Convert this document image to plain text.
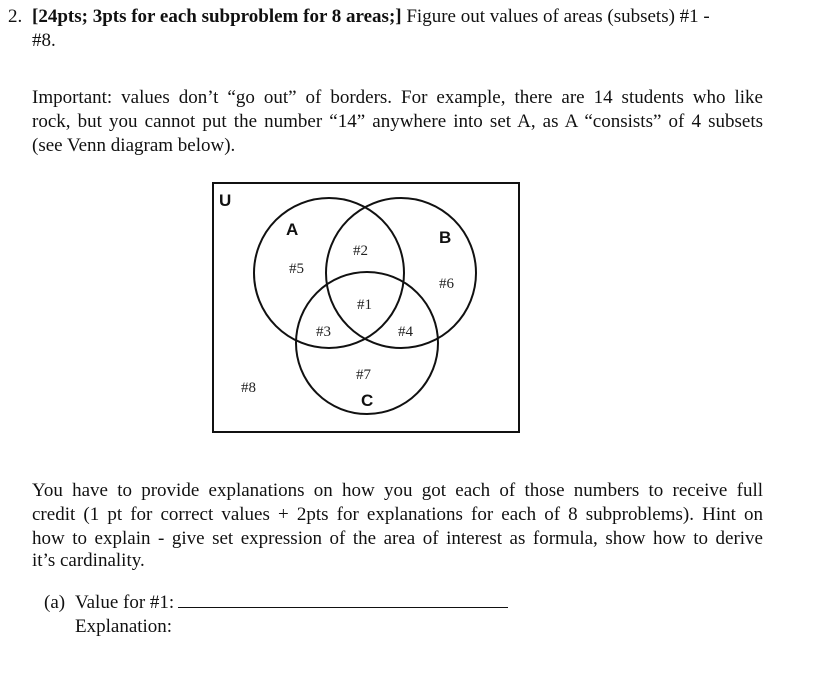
2. [24pts; 3pts for each subproblem for 8 areas;] Figure out values of areas (subsets) #1 -
#8.
Important: values don’t “go out” of borders. For example, there are 14 students who like
rock, but you cannot put the number “14” anywhere into set A, as A “consists” of 4 subsets
(see Venn diagram below).
U
A	B
C
#2
#5
#6
#1
#3	#4
#7
#8
You have to provide explanations on how you got each of those numbers to receive full
credit (1 pt for correct values + 2pts for explanations for each of 8 subproblems). Hint on
how to explain - give set expression of the area of interest as formula, show how to derive
it’s cardinality.
(a) Value for #1:
Explanation:
